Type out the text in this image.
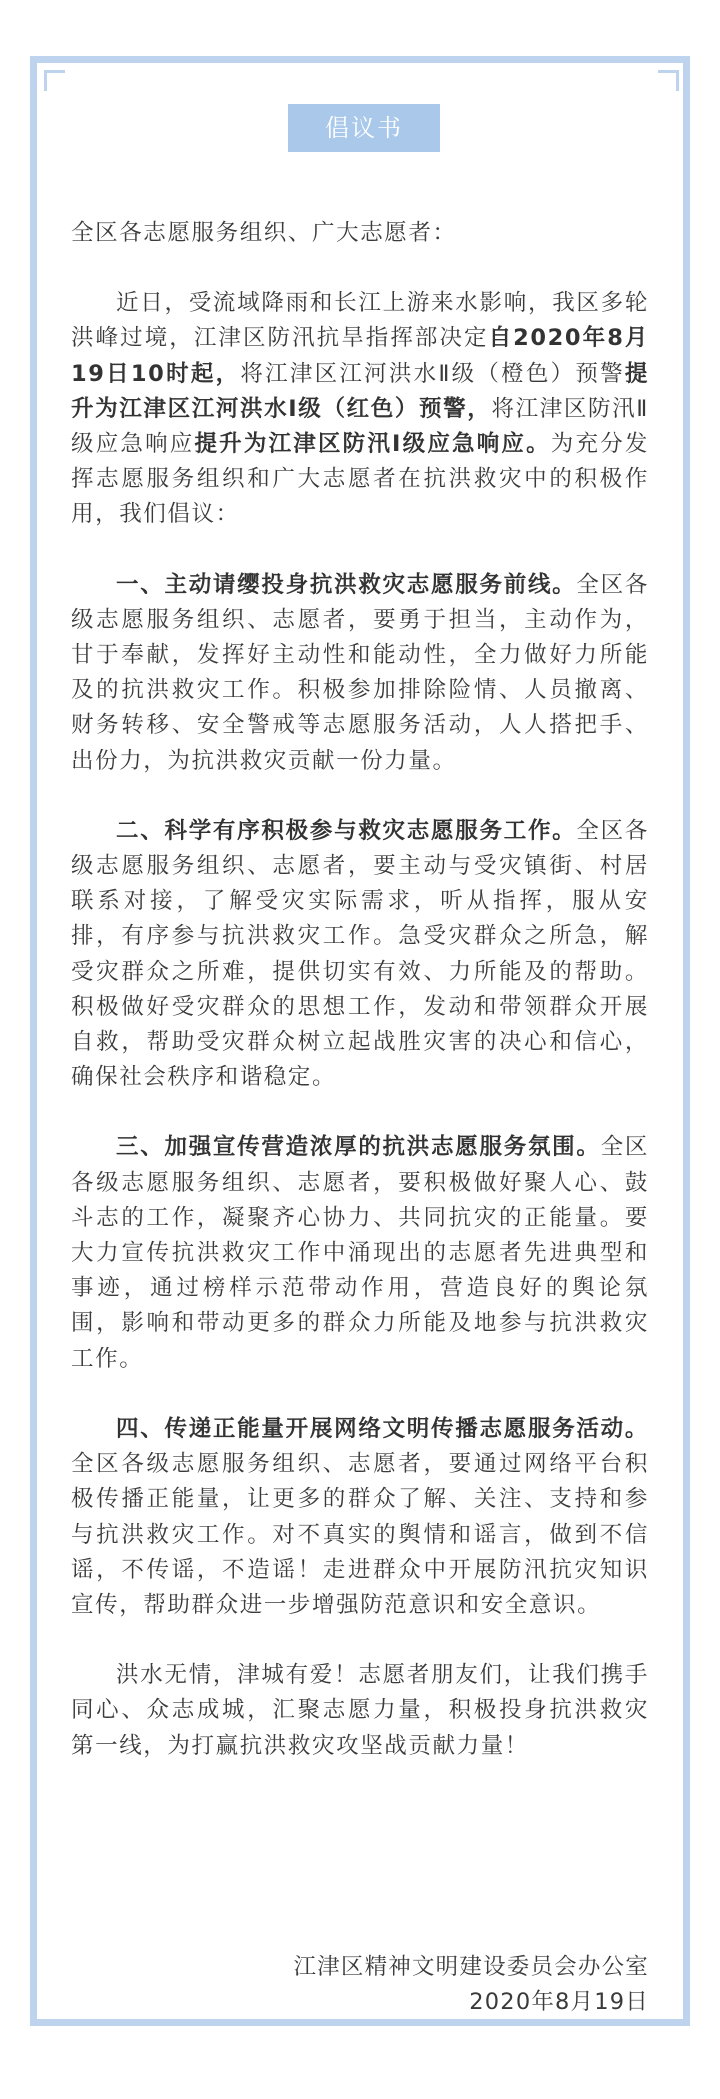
倡议书

全区各志愿服务组织、广大志愿者：

近日，受流域降雨和长江上游来水影响，我区多轮洪峰过境，江津区防汛抗旱指挥部决定自2020年8月19日10时起，将江津区江河洪水Ⅱ级（橙色）预警提升为江津区江河洪水Ⅰ级（红色）预警，将江津区防汛Ⅱ级应急响应提升为江津区防汛Ⅰ级应急响应。为充分发挥志愿服务组织和广大志愿者在抗洪救灾中的积极作用，我们倡议：

一、主动请缨投身抗洪救灾志愿服务前线。全区各级志愿服务组织、志愿者，要勇于担当，主动作为，甘于奉献，发挥好主动性和能动性，全力做好力所能及的抗洪救灾工作。积极参加排除险情、人员撤离、财务转移、安全警戒等志愿服务活动，人人搭把手、出份力，为抗洪救灾贡献一份力量。

二、科学有序积极参与救灾志愿服务工作。全区各级志愿服务组织、志愿者，要主动与受灾镇街、村居联系对接，了解受灾实际需求，听从指挥，服从安排，有序参与抗洪救灾工作。急受灾群众之所急，解受灾群众之所难，提供切实有效、力所能及的帮助。积极做好受灾群众的思想工作，发动和带领群众开展自救，帮助受灾群众树立起战胜灾害的决心和信心，确保社会秩序和谐稳定。

三、加强宣传营造浓厚的抗洪志愿服务氛围。全区各级志愿服务组织、志愿者，要积极做好聚人心、鼓斗志的工作，凝聚齐心协力、共同抗灾的正能量。要大力宣传抗洪救灾工作中涌现出的志愿者先进典型和事迹，通过榜样示范带动作用，营造良好的舆论氛围，影响和带动更多的群众力所能及地参与抗洪救灾工作。

四、传递正能量开展网络文明传播志愿服务活动。全区各级志愿服务组织、志愿者，要通过网络平台积极传播正能量，让更多的群众了解、关注、支持和参与抗洪救灾工作。对不真实的舆情和谣言，做到不信谣，不传谣，不造谣！走进群众中开展防汛抗灾知识宣传，帮助群众进一步增强防范意识和安全意识。

洪水无情，津城有爱！志愿者朋友们，让我们携手同心、众志成城，汇聚志愿力量，积极投身抗洪救灾第一线，为打赢抗洪救灾攻坚战贡献力量！

江津区精神文明建设委员会办公室
2020年8月19日
